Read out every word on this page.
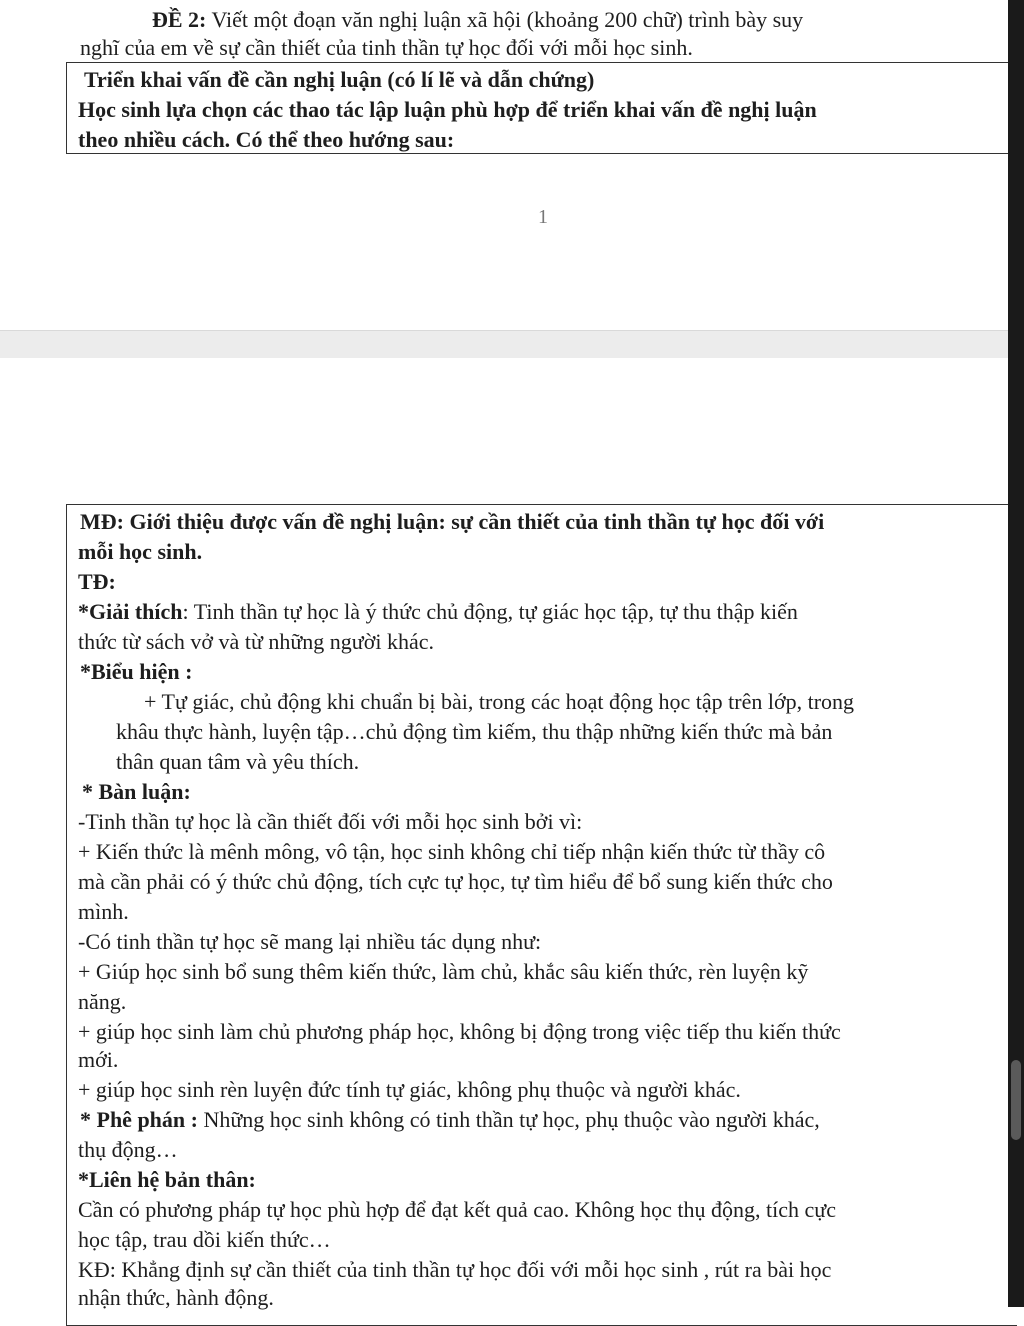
ĐỀ 2: Viết một đoạn văn nghị luận xã hội (khoảng 200 chữ) trình bày suy
nghĩ của em về sự cần thiết của tinh thần tự học đối với mỗi học sinh.
Triển khai vấn đề cần nghị luận (có lí lẽ và dẫn chứng)
Học sinh lựa chọn các thao tác lập luận phù hợp để triển khai vấn đề nghị luận
theo nhiều cách. Có thể theo hướng sau:
1
MĐ: Giới thiệu được vấn đề nghị luận: sự cần thiết của tinh thần tự học đối với
mỗi học sinh.
TĐ:
*Giải thích: Tinh thần tự học là ý thức chủ động, tự giác học tập, tự thu thập kiến
thức từ sách vở và từ những người khác.
*Biểu hiện :
+ Tự giác, chủ động khi chuẩn bị bài, trong các hoạt động học tập trên lớp, trong
khâu thực hành, luyện tập…chủ động tìm kiếm, thu thập những kiến thức mà bản
thân quan tâm và yêu thích.
* Bàn luận:
-Tinh thần tự học là cần thiết đối với mỗi học sinh bởi vì:
+ Kiến thức là mênh mông, vô tận, học sinh không chỉ tiếp nhận kiến thức từ thầy cô
mà cần phải có ý thức chủ động, tích cực tự học, tự tìm hiểu để bổ sung kiến thức cho
mình.
-Có tinh thần tự học sẽ mang lại nhiều tác dụng như:
+ Giúp học sinh bổ sung thêm kiến thức, làm chủ, khắc sâu kiến thức, rèn luyện kỹ
năng.
+ giúp học sinh làm chủ phương pháp học, không bị động trong việc tiếp thu kiến thức
mới.
+ giúp học sinh rèn luyện đức tính tự giác, không phụ thuộc và người khác.
* Phê phán : Những học sinh không có tinh thần tự học, phụ thuộc vào người khác,
thụ động…
*Liên hệ bản thân:
Cần có phương pháp tự học phù hợp để đạt kết quả cao. Không học thụ động, tích cực
học tập, trau dồi kiến thức…
KĐ: Khẳng định sự cần thiết của tinh thần tự học đối với mỗi học sinh , rút ra bài học
nhận thức, hành động.
